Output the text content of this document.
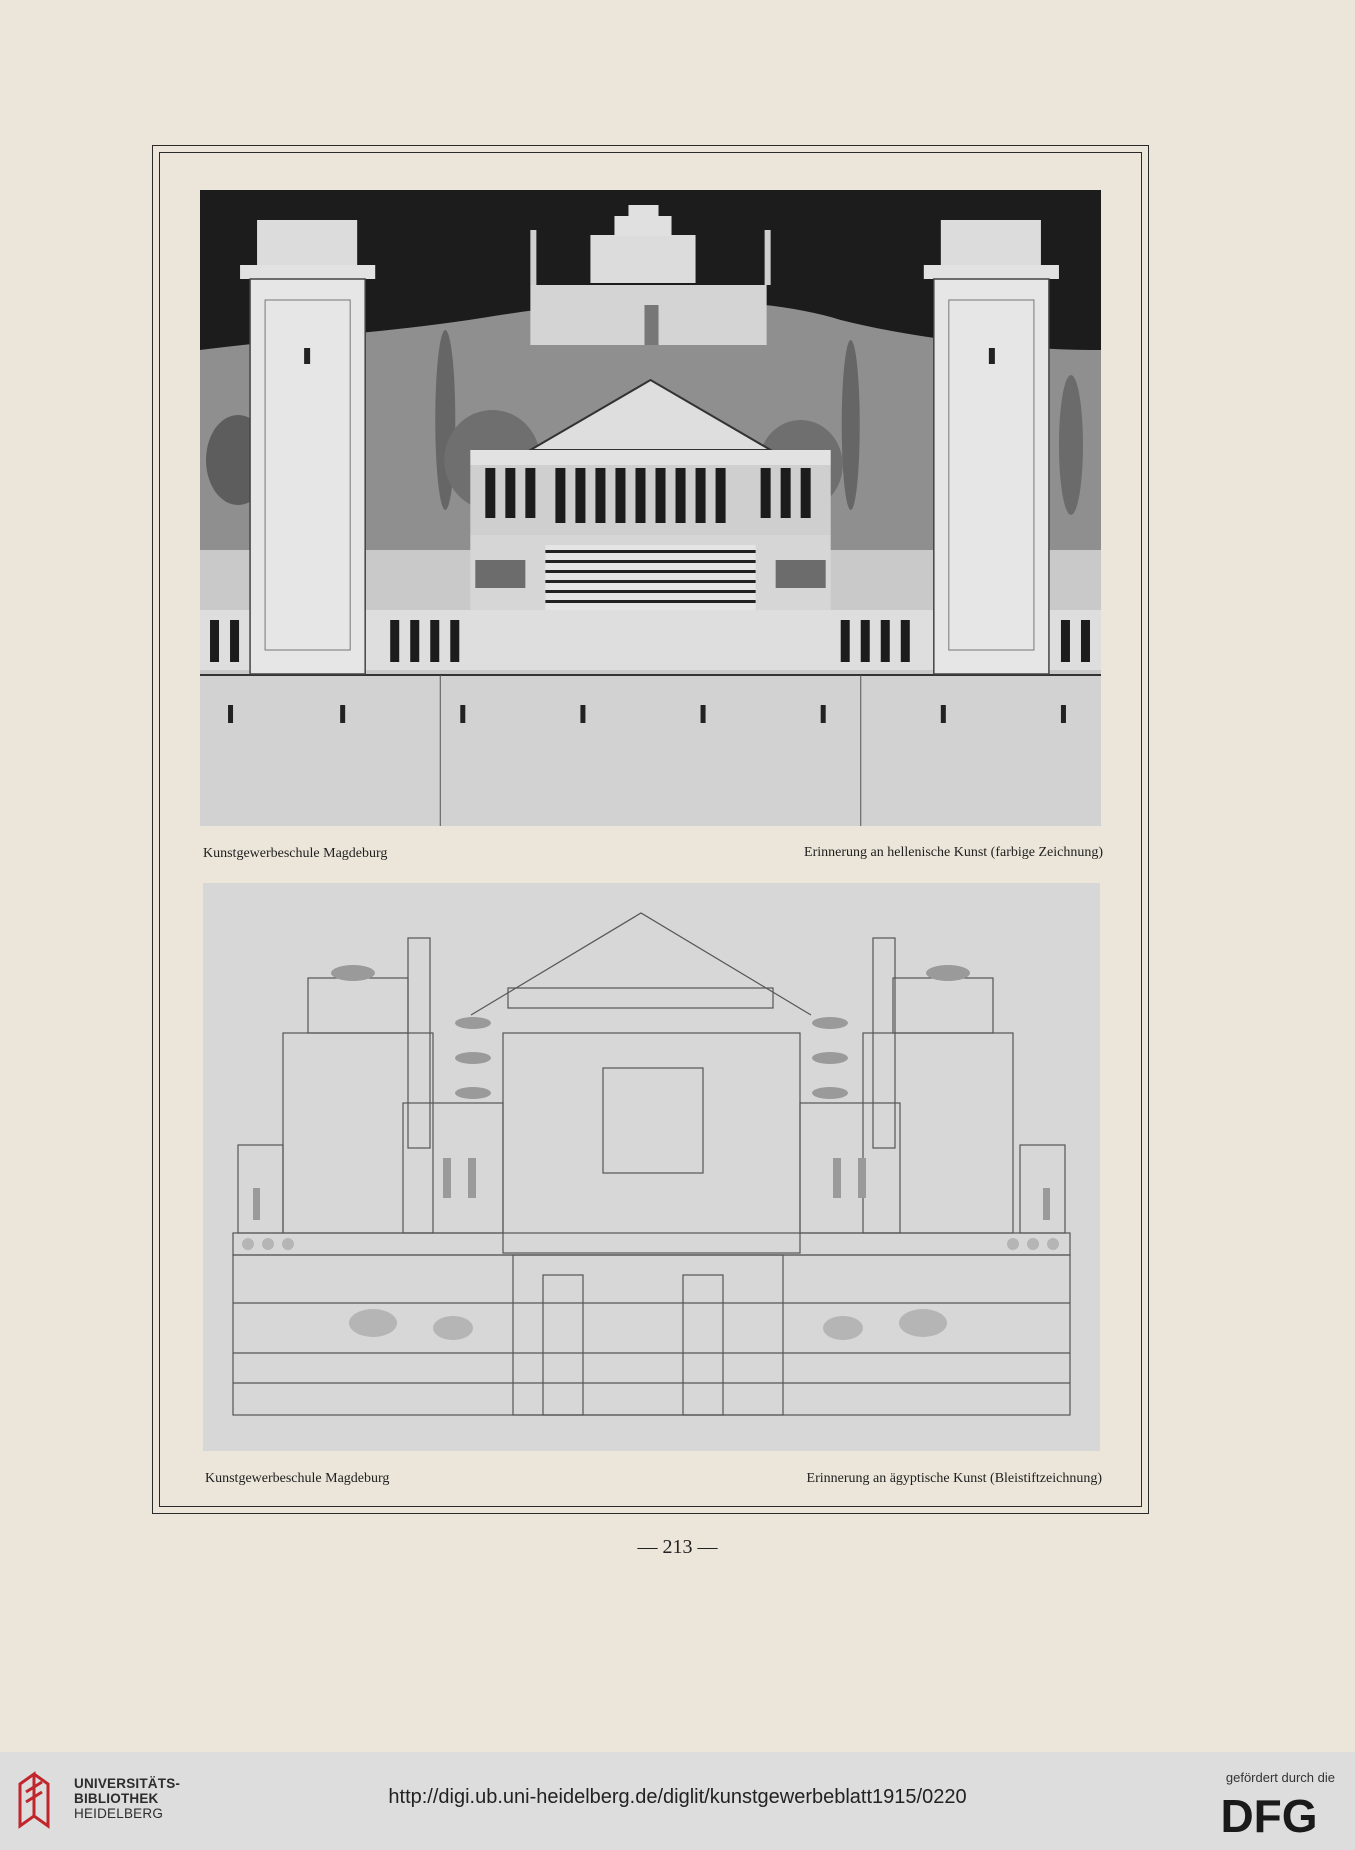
Kunstgewerbeschule Magdeburg	Erinnerung an hellenische Kunst (farbige Zeichnung)
Kunstgewerbeschule Magdeburg	Erinnerung an ägyptische Kunst (Bleistiftzeichnung)
— 213 —
UNIVERSITÄTS-
BIBLIOTHEK
HEIDELBERG
http://digi.ub.uni-heidelberg.de/diglit/kunstgewerbeblatt1915/0220
gefördert durch die
DFG
